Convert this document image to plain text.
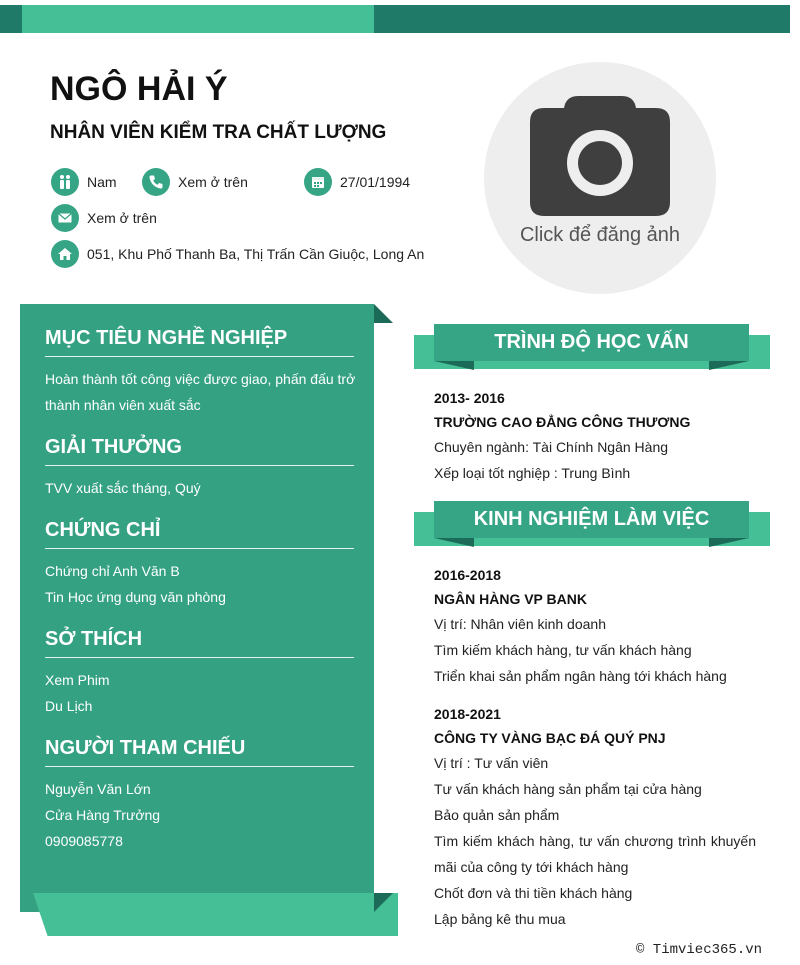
NGÔ HẢI Ý
NHÂN VIÊN KIỂM TRA CHẤT LƯỢNG
Nam	Xem ở trên	27/01/1994
Xem ở trên
051, Khu Phố Thanh Ba, Thị Trấn Cần Giuộc, Long An
Click để đăng ảnh
MỤC TIÊU NGHỀ NGHIỆP
Hoàn thành tốt công việc được giao, phấn đấu trở
thành nhân viên xuất sắc
GIẢI THƯỞNG
TVV xuất sắc tháng, Quý
CHỨNG CHỈ
Chứng chỉ Anh Văn B
Tin Học ứng dụng văn phòng
SỞ THÍCH
Xem Phim
Du Lịch
NGƯỜI THAM CHIẾU
Nguyễn Văn Lớn
Cửa Hàng Trưởng
0909085778
TRÌNH ĐỘ HỌC VẤN
2013- 2016
TRƯỜNG CAO ĐẲNG CÔNG THƯƠNG
Chuyên ngành: Tài Chính Ngân Hàng
Xếp loại tốt nghiệp : Trung Bình
KINH NGHIỆM LÀM VIỆC
2016-2018
NGÂN HÀNG VP BANK
Vị trí: Nhân viên kinh doanh
Tìm kiếm khách hàng, tư vấn khách hàng
Triển khai sản phẩm ngân hàng tới khách hàng
2018-2021
CÔNG TY VÀNG BẠC ĐÁ QUÝ PNJ
Vị trí : Tư vấn viên
Tư vấn khách hàng sản phẩm tại cửa hàng
Bảo quản sản phẩm
Tìm kiếm khách hàng, tư vấn chương trình khuyến
mãi của công ty tới khách hàng
Chốt đơn và thi tiền khách hàng
Lập bảng kê thu mua
© Timviec365.vn
